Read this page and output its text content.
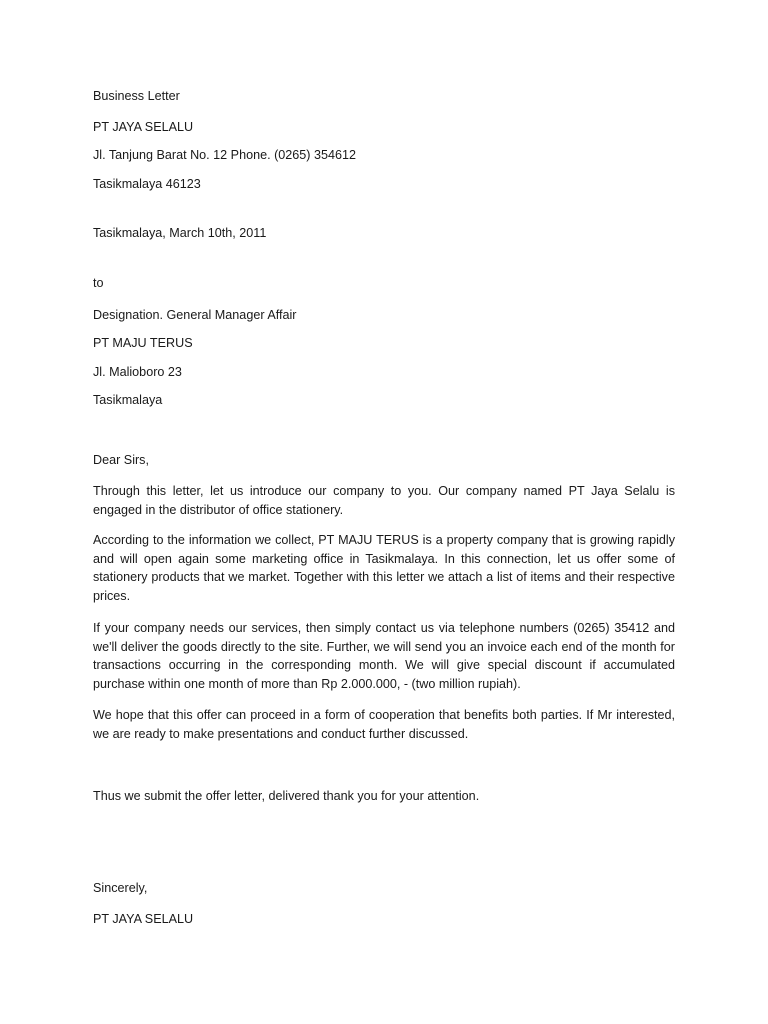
Business Letter

PT JAYA SELALU

Jl. Tanjung Barat No. 12 Phone. (0265) 354612

Tasikmalaya 46123

Tasikmalaya, March 10th, 2011

to

Designation. General Manager Affair

PT MAJU TERUS

Jl. Malioboro 23

Tasikmalaya

Dear Sirs,

Through this letter, let us introduce our company to you. Our company named PT Jaya Selalu is engaged in the distributor of office stationery.

According to the information we collect, PT MAJU TERUS is a property company that is growing rapidly and will open again some marketing office in Tasikmalaya. In this connection, let us offer some of stationery products that we market. Together with this letter we attach a list of items and their respective prices.

If your company needs our services, then simply contact us via telephone numbers (0265) 35412 and we'll deliver the goods directly to the site. Further, we will send you an invoice each end of the month for transactions occurring in the corresponding month. We will give special discount if accumulated purchase within one month of more than Rp 2.000.000, - (two million rupiah).

We hope that this offer can proceed in a form of cooperation that benefits both parties. If Mr interested, we are ready to make presentations and conduct further discussed.

Thus we submit the offer letter, delivered thank you for your attention.

Sincerely,

PT JAYA SELALU
